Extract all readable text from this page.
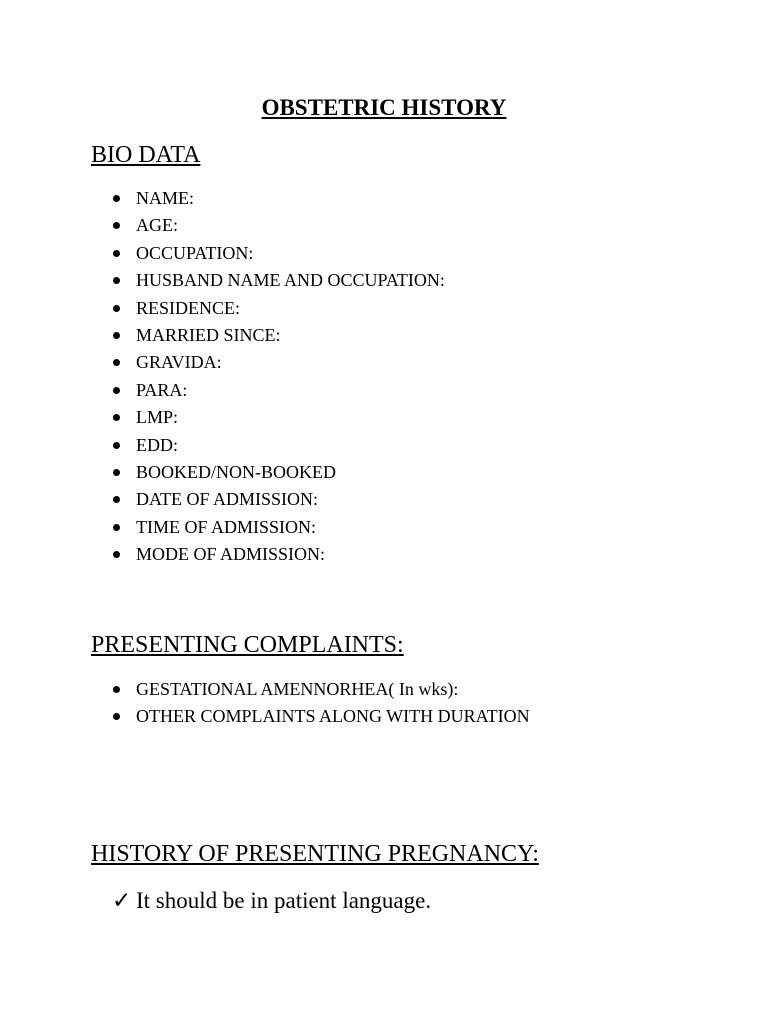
OBSTETRIC HISTORY
BIO DATA
NAME:
AGE:
OCCUPATION:
HUSBAND NAME AND OCCUPATION:
RESIDENCE:
MARRIED SINCE:
GRAVIDA:
PARA:
LMP:
EDD:
BOOKED/NON-BOOKED
DATE OF ADMISSION:
TIME OF ADMISSION:
MODE OF ADMISSION:
PRESENTING COMPLAINTS:
GESTATIONAL AMENNORHEA( In wks):
OTHER COMPLAINTS ALONG WITH DURATION
HISTORY OF PRESENTING PREGNANCY:
✓ It should be in patient language.
